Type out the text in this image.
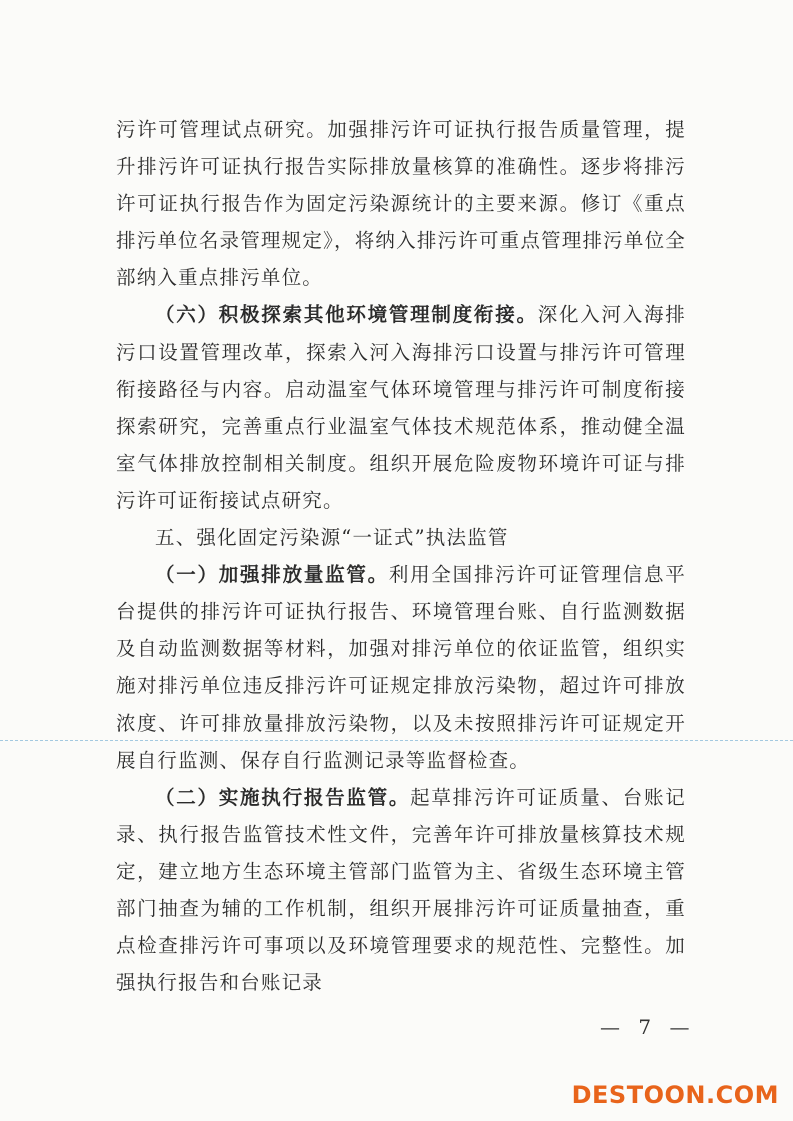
污许可管理试点研究。加强排污许可证执行报告质量管理，提升排污许可证执行报告实际排放量核算的准确性。逐步将排污许可证执行报告作为固定污染源统计的主要来源。修订《重点排污单位名录管理规定》，将纳入排污许可重点管理排污单位全部纳入重点排污单位。

（六）积极探索其他环境管理制度衔接。深化入河入海排污口设置管理改革，探索入河入海排污口设置与排污许可管理衔接路径与内容。启动温室气体环境管理与排污许可制度衔接探索研究，完善重点行业温室气体技术规范体系，推动健全温室气体排放控制相关制度。组织开展危险废物环境许可证与排污许可证衔接试点研究。

五、强化固定污染源“一证式”执法监管

（一）加强排放量监管。利用全国排污许可证管理信息平台提供的排污许可证执行报告、环境管理台账、自行监测数据及自动监测数据等材料，加强对排污单位的依证监管，组织实施对排污单位违反排污许可证规定排放污染物，超过许可排放浓度、许可排放量排放污染物，以及未按照排污许可证规定开展自行监测、保存自行监测记录等监督检查。

（二）实施执行报告监管。起草排污许可证质量、台账记录、执行报告监管技术性文件，完善年许可排放量核算技术规定，建立地方生态环境主管部门监管为主、省级生态环境主管部门抽查为辅的工作机制，组织开展排污许可证质量抽查，重点检查排污许可事项以及环境管理要求的规范性、完整性。加强执行报告和台账记录

— 7 —
DESTOON.COM
